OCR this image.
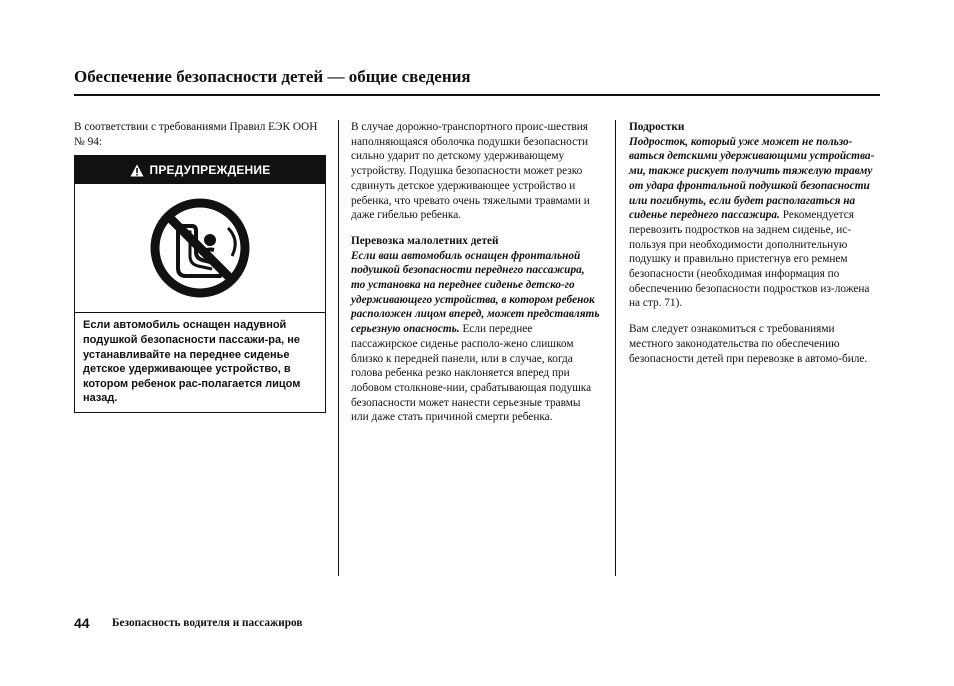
Обеспечение безопасности детей — общие сведения

В соответствии с требованиями Правил ЕЭК ООН № 94:

ПРЕДУПРЕЖДЕНИЕ
Если автомобиль оснащен надувной подушкой безопасности пассажи-ра, не устанавливайте на переднее сиденье детское удерживающее устройство, в котором ребенок рас-полагается лицом назад.

В случае дорожно-транспортного проис-шествия наполняющаяся оболочка подушки безопасности сильно ударит по детскому удерживающему устройству. Подушка безопасности может резко сдвинуть детское удерживающее устройство и ребенка, что чревато очень тяжелыми травмами и даже гибелью ребенка.

Перевозка малолетних детей

Если ваш автомобиль оснащен фронтальной подушкой безопасности переднего пассажира, то установка на переднее сиденье детско-го удерживающего устройства, в котором ребенок расположен лицом вперед, может представлять серьезную опасность. Если переднее пассажирское сиденье располо-жено слишком близко к передней панели, или в случае, когда голова ребенка резко наклоняется вперед при лобовом столкнове-нии, срабатывающая подушка безопасности может нанести серьезные травмы или даже стать причиной смерти ребенка.

Подростки

Подросток, который уже может не пользо-ваться детскими удерживающими устройства-ми, также рискует получить тяжелую травму от удара фронтальной подушкой безопасности или погибнуть, если будет располагаться на сиденье переднего пассажира. Рекомендуется перевозить подростков на заднем сиденье, ис-пользуя при необходимости дополнительную подушку и правильно пристегнув его ремнем безопасности (необходимая информация по обеспечению безопасности подростков из-ложена на стр. 71).

Вам следует ознакомиться с требованиями местного законодательства по обеспечению безопасности детей при перевозке в автомо-биле.

44 Безопасность водителя и пассажиров
